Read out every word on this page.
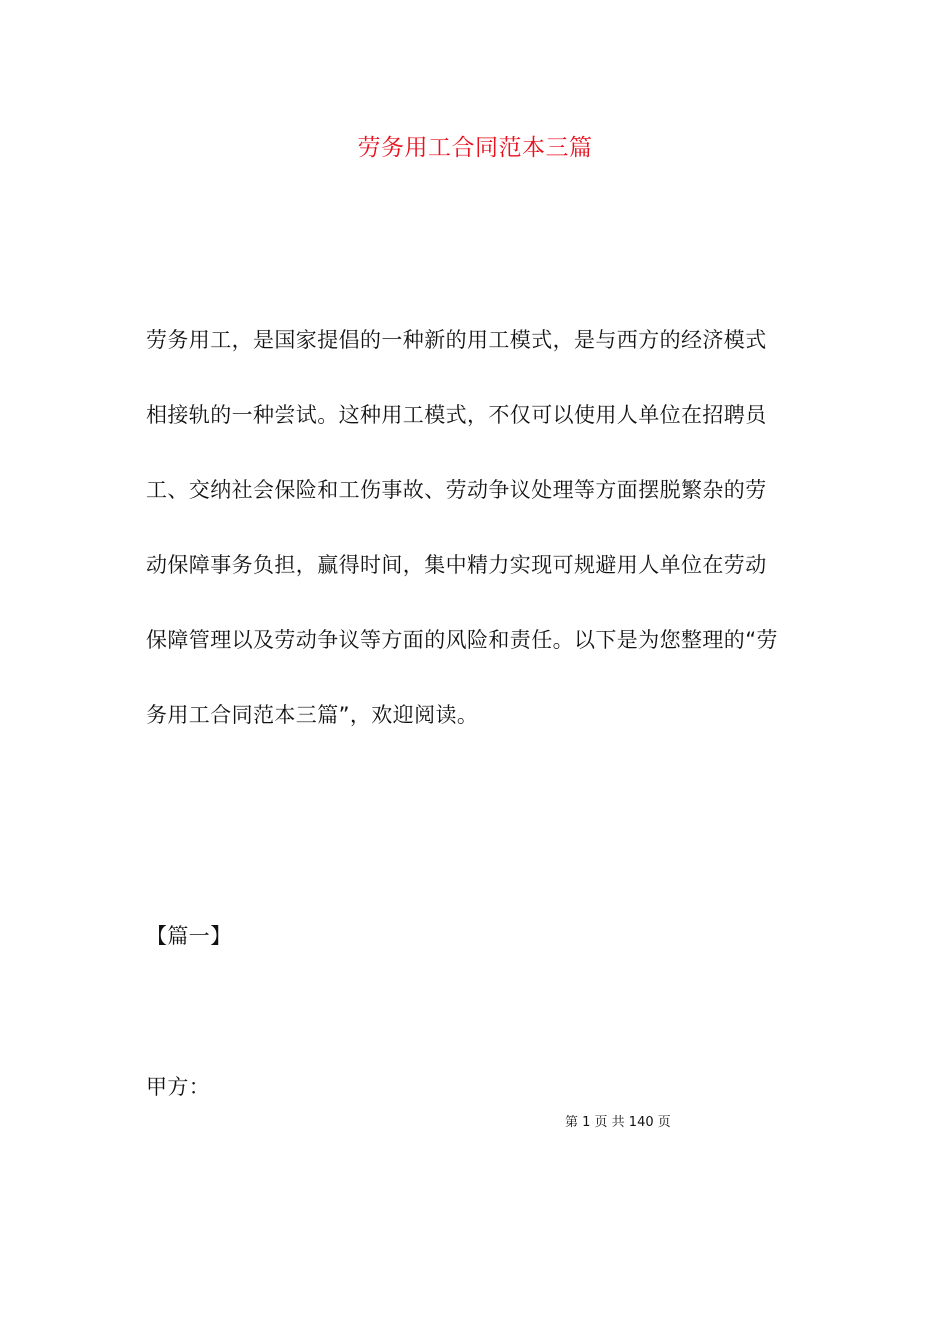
劳务用工合同范本三篇
劳务用工，是国家提倡的一种新的用工模式，是与西方的经济模式
相接轨的一种尝试。这种用工模式，不仅可以使用人单位在招聘员
工、交纳社会保险和工伤事故、劳动争议处理等方面摆脱繁杂的劳
动保障事务负担，赢得时间，集中精力实现可规避用人单位在劳动
保障管理以及劳动争议等方面的风险和责任。以下是为您整理的“劳
务用工合同范本三篇”，欢迎阅读。
【篇一】
甲方：
第 1 页 共 140 页
